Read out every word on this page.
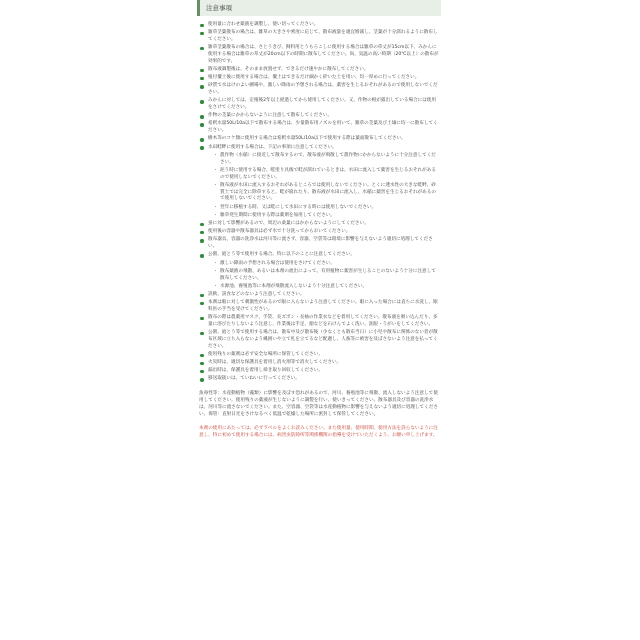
注意事項
使用量に合わせ薬液を調製し、使い切ってください。
雑草茎葉散布の場合は、雑草の大きさや密度に応じて、散布液量を適宜増減し、茎葉が十分濡れるように散布してください。
雑草茎葉散布の場合は、さとうきび、飼料用とうもろこしに使用する場合は雑草の草丈が15cm以下、みかんに使用する場合は雑草の草丈が20cm以下の時期に散布してください。尚、気温の高い時期（20℃以上）の散布が効果的です。
散布液調製後は、そのまま放置せず、できるだけ速やかに散布してください。
植付覆土後に使用する場合は、覆土はできるだけ細かく砕いた土を用い、均一厚めに行ってください。
砂質で水はけのよい圃場や、激しい降雨の予想される場合は、薬害を生じるおそれがあるので使用しないでください。
みかんに対しては、定植後2年以上経過してから使用してください。又、作物の根が露出している場合には使用をさけてください。
作物の茎葉にかからないように注意して散布してください。
希釈水量50L/10a以下で散布する場合は、少量散布用ノズルを用いて、雑草の茎葉及び土壌に均一に散布してください。
樹木等のコケ類に使用する場合は希釈水量50L/10a以下で使用する際は葉面散布してください。
水田畦畔に使用する場合は、下記の事項に注意してください。
・ 農作物（水稲）に接近して散布するので、散布液が飛散して農作物にかからないように十分注意してください。
・ 泥う時に使用する場合、畦塗り具後で畦が濡れているときは、水田に流入して薬害を生じるおそれがあるので使用しないでください。
・ 散布液が水田に流入するおそれがあるところでは使用しないでください。とくに透水性の大きな畦畔、砂質土では完全に除草すると、畦が崩れたり、散布液が水田に流入し、水稲に薬害を生じるおそれがあるので使用しないでください。
・ 翌年に移植する時、又は畦にして水田にする時には使用しないでください。
・ 雑草発生期間に使用する際は薬剤を加用してください。
蚕に対して影響があるので、周辺の桑葉にはかからないようにしてください。
使用後の容器や散布器具は必ず水で十分洗ってからおいてください。
散布器具、容器の洗浄水は河川等に流さず、容器、空袋等は環境に影響を与えないよう適切に処理してください。
公園、庭とう等で使用する場合、特に以下のことに注意してください。
・ 激しい降雨の予想される場合は使用をさけてください。
・ 散布薬液の飛散、あるいは本剤の流出によって、有用植物に薬害が生じることのないよう十分に注意して散布してください。
・ 水源池、養殖池等に本剤が飛散流入しないよう十分注意してください。
誤飲、誤食などのないよう注意してください。
本剤は眼に対して刺激性があるので眼に入らないよう注意してください。眼に入った場合には直ちに水洗し、眼科医の手当を受けてください。
散布の際は農薬用マスク、手袋、長ズボン・長袖の作業衣などを着用してください。散布液を吸い込んだり、多量に浴びたりしないよう注意し、作業後は手足、顔などを石けんでよく洗い、洗眼・うがいをしてください。
公園、庭とう等で使用する場合は、散布中及び散布後（少なくとも散布当日）に小児や散布に関係のない者が散布区域に立ち入らないよう縄囲いや立て札を立てるなど配慮し、人畜等に被害を及ぼさないよう注意を払ってください。
使用残りの薬剤は必ず安全な場所に保管してください。
火災時は、適切な保護具を着用し消火剤等で消火してください。
漏出時は、保護具を着用し掃き取り回収してください。
移送取扱いは、ていねいに行ってください。
魚毒性等：水産動植物（藻類）に影響を及ぼす恐れがあるので、河川、養殖池等に飛散、流入しないよう注意して使用してください。使用残りの薬液が生じないように調製を行い、使いきってください。散布器具及び容器の洗浄水は、河川等に流さないでください。また、空容器、空袋等は水産動植物に影響を与えないよう適切に処理してください。保管：直射日光をさけなるべく低温で乾燥した場所に密封して保管してください。
本剤の使用にあたっては、必ずラベルをよくお読みください。また使用量、使用時期、使用方法を誤らないように注意し、特に初めて使用する場合には、病害虫防除所等関係機関の指導を受けていただくよう、お願い申し上げます。
